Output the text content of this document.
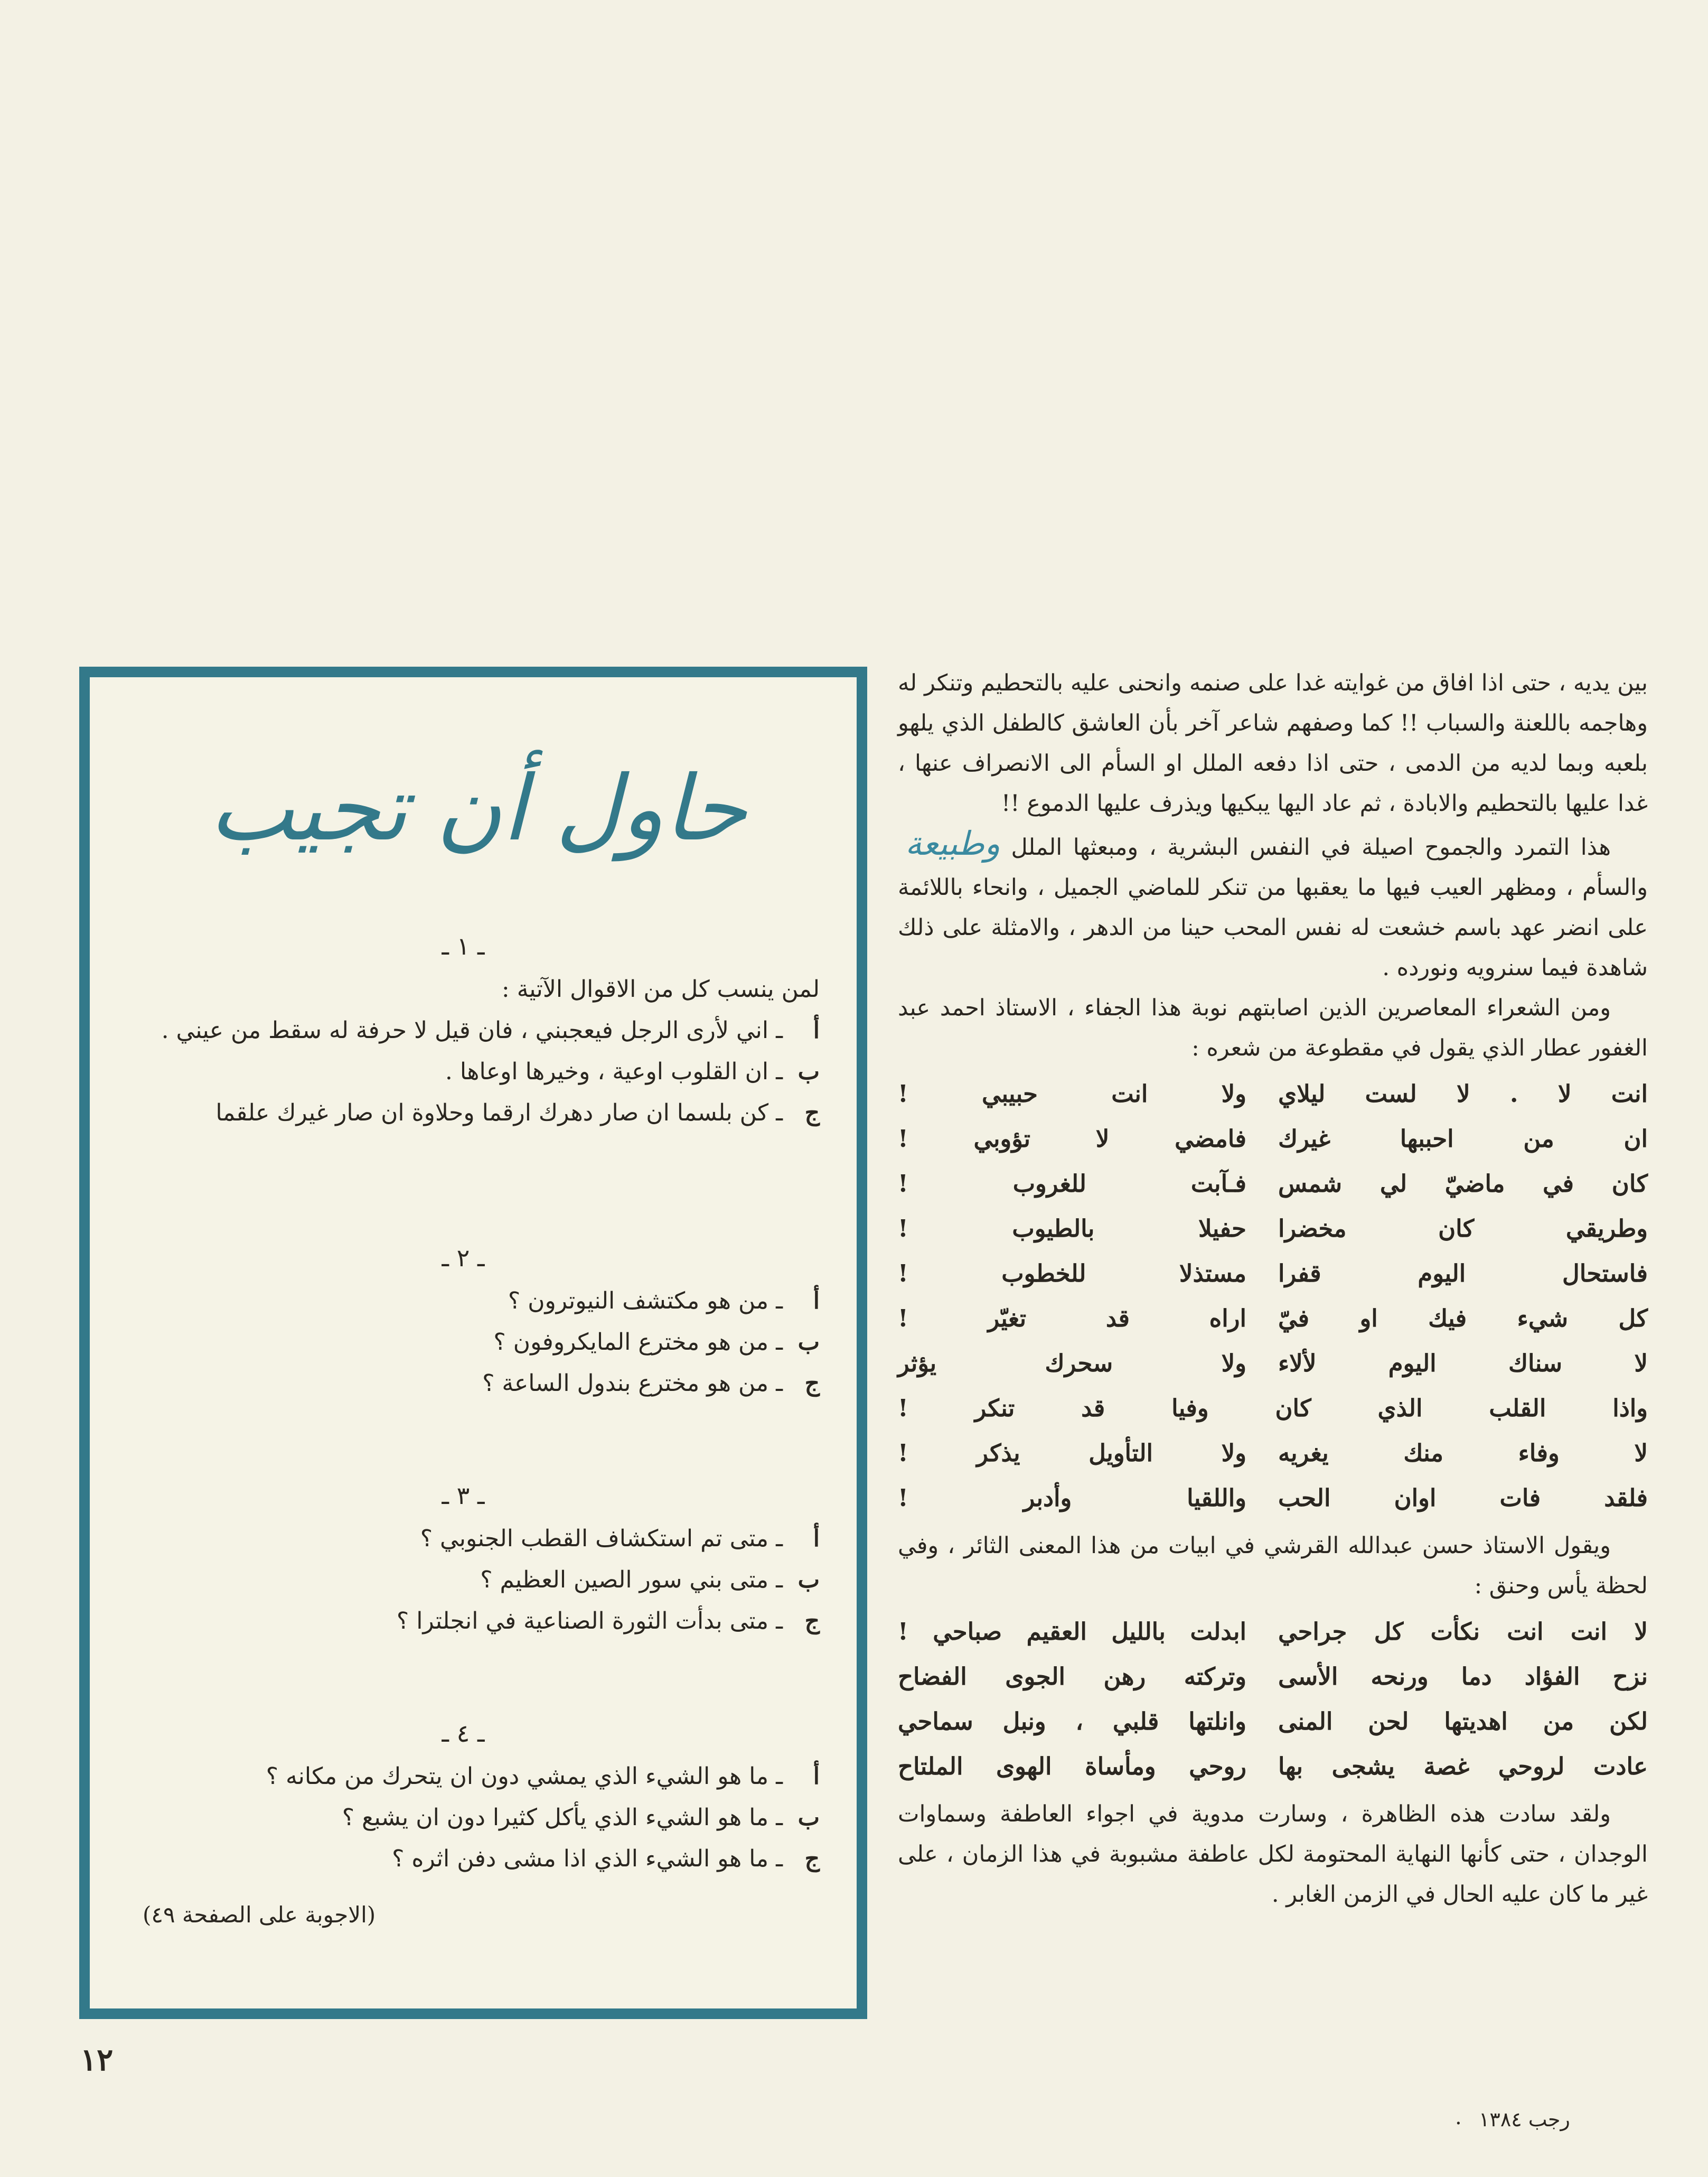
بين يديه ، حتى اذا افاق من غوايته غدا على صنمه وانحنى عليه بالتحطيم وتنكر له وهاجمه باللعنة والسباب !! كما وصفهم شاعر آخر بأن العاشق كالطفل الذي يلهو بلعبه وبما لديه من الدمى ، حتى اذا دفعه الملل او السأم الى الانصراف عنها ، غدا عليها بالتحطيم والابادة ، ثم عاد اليها يبكيها ويذرف عليها الدموع !!

هذا التمرد والجموح اصيلة في النفس البشرية ، ومبعثها الملل وطبيعة والسأم ، ومظهر العيب فيها ما يعقبها من تنكر للماضي الجميل ، وانحاء باللائمة على انضر عهد باسم خشعت له نفس المحب حينا من الدهر ، والامثلة على ذلك شاهدة فيما سنرويه ونورده .

ومن الشعراء المعاصرين الذين اصابتهم نوبة هذا الجفاء ، الاستاذ احمد عبد الغفور عطار الذي يقول في مقطوعة من شعره :

انت لا . لا لست ليلاي
ولا انت حبيبي !
ان من احببها غيرك
فامضي لا تؤوبي !
كان في ماضيّ لي شمس
فـآبت للغروب !
وطريقي كان مخضرا
حفيلا بالطيوب !
فاستحال اليوم قفرا
مستذلا للخطوب !
كل شيء فيك او فيّ
اراه قد تغيّر !
لا سناك اليوم لألاء
ولا سحرك يؤثر
واذا القلب الذي كان وفيا قد تنكر !
لا وفاء منك يغريه
ولا التأويل يذكر !
فلقد فات اوان الحب
واللقيا وأدبر !

ويقول الاستاذ حسن عبدالله القرشي في ابيات من هذا المعنى الثائر ، وفي لحظة يأس وحنق :

لا انت انت نكأت كل جراحي
ابدلت بالليل العقيم صباحي !
نزح الفؤاد دما ورنحه الأسى
وتركته رهن الجوى الفضاح
لكن من اهديتها لحن المنى
وانلتها قلبي ، ونبل سماحي
عادت لروحي غصة يشجى بها
روحي ومأساة الهوى الملتاح

ولقد سادت هذه الظاهرة ، وسارت مدوية في اجواء العاطفة وسماوات الوجدان ، حتى كأنها النهاية المحتومة لكل عاطفة مشبوبة في هذا الزمان ، على غير ما كان عليه الحال في الزمن الغابر .

حاول أن تجيب
ـ ١ ـ
لمن ينسب كل من الاقوال الآتية :
أ
ـ اني لأرى الرجل فيعجبني ، فان قيل لا حرفة له سقط من عيني .
ب
ـ ان القلوب اوعية ، وخيرها اوعاها .
ج
ـ كن بلسما ان صار دهرك ارقما وحلاوة ان صار غيرك علقما
ـ ٢ ـ
أ
ـ من هو مكتشف النيوترون ؟
ب
ـ من هو مخترع المايكروفون ؟
ج
ـ من هو مخترع بندول الساعة ؟
ـ ٣ ـ
أ
ـ متى تم استكشاف القطب الجنوبي ؟
ب
ـ متى بني سور الصين العظيم ؟
ج
ـ متى بدأت الثورة الصناعية في انجلترا ؟
ـ ٤ ـ
أ
ـ ما هو الشيء الذي يمشي دون ان يتحرك من مكانه ؟
ب
ـ ما هو الشيء الذي يأكل كثيرا دون ان يشبع ؟
ج
ـ ما هو الشيء الذي اذا مشى دفن اثره ؟
(الاجوبة على الصفحة ٤٩)
١٢
. رجب ١٣٨٤
